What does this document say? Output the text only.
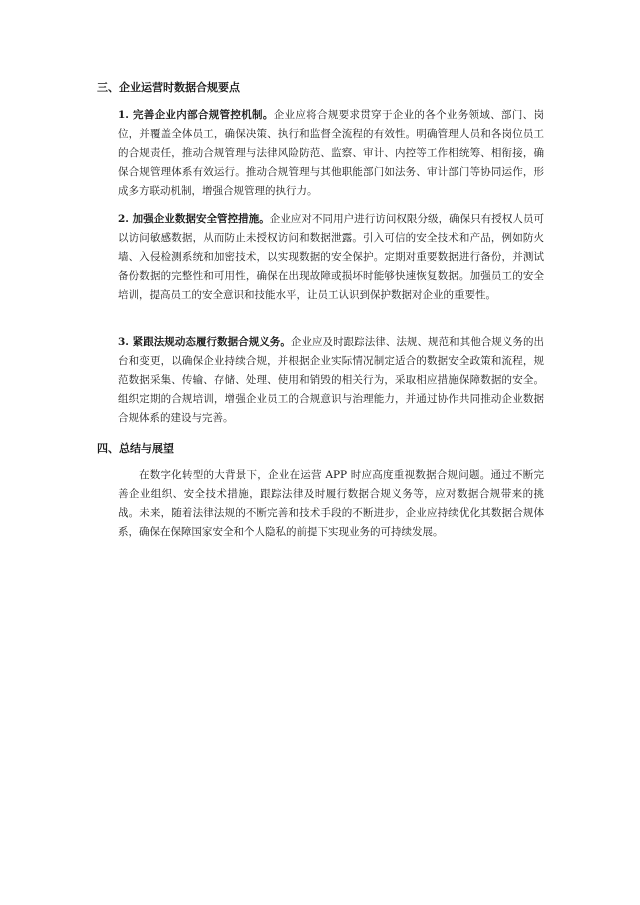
三、企业运营时数据合规要点

1. 完善企业内部合规管控机制。企业应将合规要求贯穿于企业的各个业务领域、部门、岗位，并覆盖全体员工，确保决策、执行和监督全流程的有效性。明确管理人员和各岗位员工的合规责任，推动合规管理与法律风险防范、监察、审计、内控等工作相统筹、相衔接，确保合规管理体系有效运行。推动合规管理与其他职能部门如法务、审计部门等协同运作，形成多方联动机制，增强合规管理的执行力。

2. 加强企业数据安全管控措施。企业应对不同用户进行访问权限分级，确保只有授权人员可以访问敏感数据，从而防止未授权访问和数据泄露。引入可信的安全技术和产品，例如防火墙、入侵检测系统和加密技术，以实现数据的安全保护。定期对重要数据进行备份，并测试备份数据的完整性和可用性，确保在出现故障或损坏时能够快速恢复数据。加强员工的安全培训，提高员工的安全意识和技能水平，让员工认识到保护数据对企业的重要性。

3. 紧跟法规动态履行数据合规义务。企业应及时跟踪法律、法规、规范和其他合规义务的出台和变更，以确保企业持续合规，并根据企业实际情况制定适合的数据安全政策和流程，规范数据采集、传输、存储、处理、使用和销毁的相关行为，采取相应措施保障数据的安全。组织定期的合规培训，增强企业员工的合规意识与治理能力，并通过协作共同推动企业数据合规体系的建设与完善。

四、总结与展望

在数字化转型的大背景下，企业在运营 APP 时应高度重视数据合规问题。通过不断完善企业组织、安全技术措施，跟踪法律及时履行数据合规义务等，应对数据合规带来的挑战。未来，随着法律法规的不断完善和技术手段的不断进步，企业应持续优化其数据合规体系，确保在保障国家安全和个人隐私的前提下实现业务的可持续发展。
